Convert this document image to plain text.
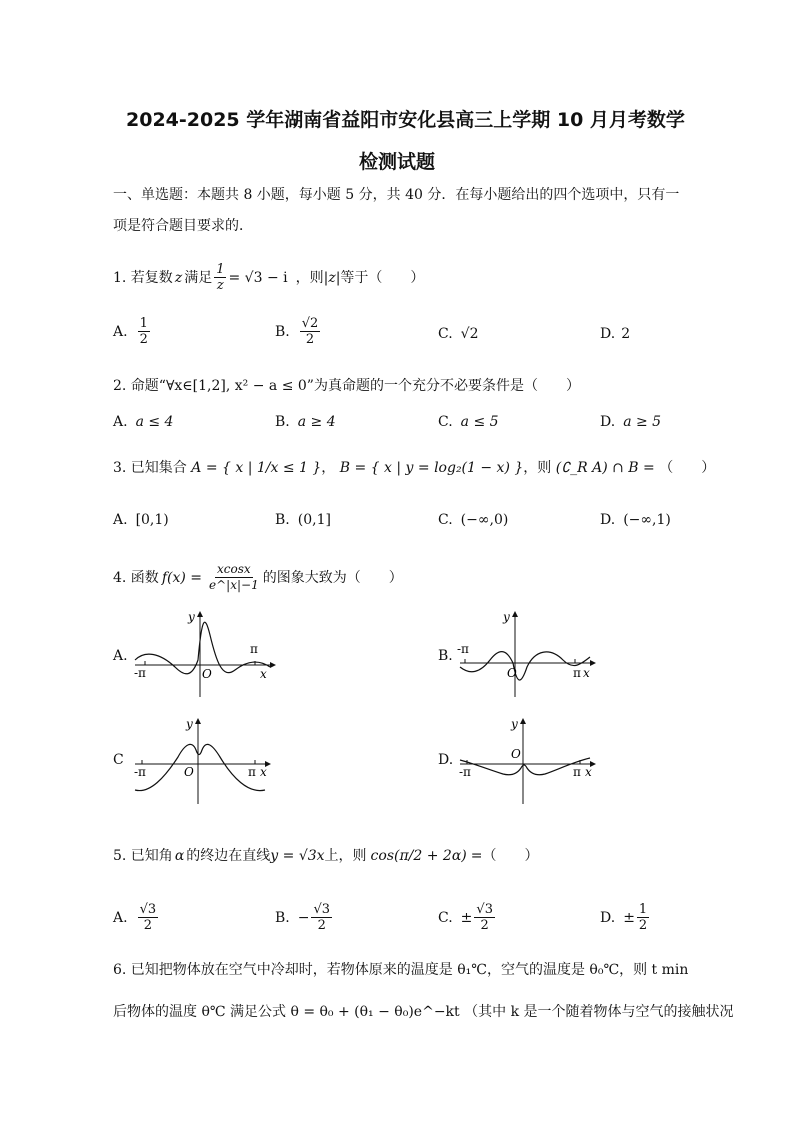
2024-2025 学年湖南省益阳市安化县高三上学期 10 月月考数学
检测试题
一、单选题：本题共 8 小题，每小题 5 分，共 40 分．在每小题给出的四个选项中，只有一
项是符合题目要求的．
1. 若复数 z 满足 $\frac{1}{z} = √3 - i$ ，则 |z| 等于（　　）
A. $\frac{1}{2}$	B. $\frac{√2}{2}$	C. √2	D. 2
2. 命题“∀x∈[1,2], x² − a ≤ 0”为真命题的一个充分不必要条件是（　　）
A. a ≤ 4	B. a ≥ 4	C. a ≤ 5	D. a ≥ 5
3. 已知集合 A = { x | 1/x ≤ 1 }， B = { x | y = log₂(1 − x) }，则 (∁_R A) ∩ B = （　　）
A. [0,1)	B. (0,1]	C. (−∞,0)	D. (−∞,1)
4. 函数 $f(x) = \frac{xcosx}{e\^{}|x|-1}$ 的图象大致为（　　）
A.
-π
π
O	x
y
B. -π
π
O	x
y
C
-π	π
O	x
y
D.
-π	π
O
x
y
5. 已知角 α 的终边在直线y = √3x上，则 cos(π/2 + 2α) =（　　）
A. $\frac{√3}{2}$	B. − $\frac{√3}{2}$	C. ± $\frac{√3}{2}$	D. ± $\frac{1}{2}$
6. 已知把物体放在空气中冷却时，若物体原来的温度是 θ₁℃，空气的温度是 θ₀℃，则 t min
后物体的温度 θ℃ 满足公式 θ = θ₀ + (θ₁ − θ₀)e^−kt （其中 k 是一个随着物体与空气的接触状况
